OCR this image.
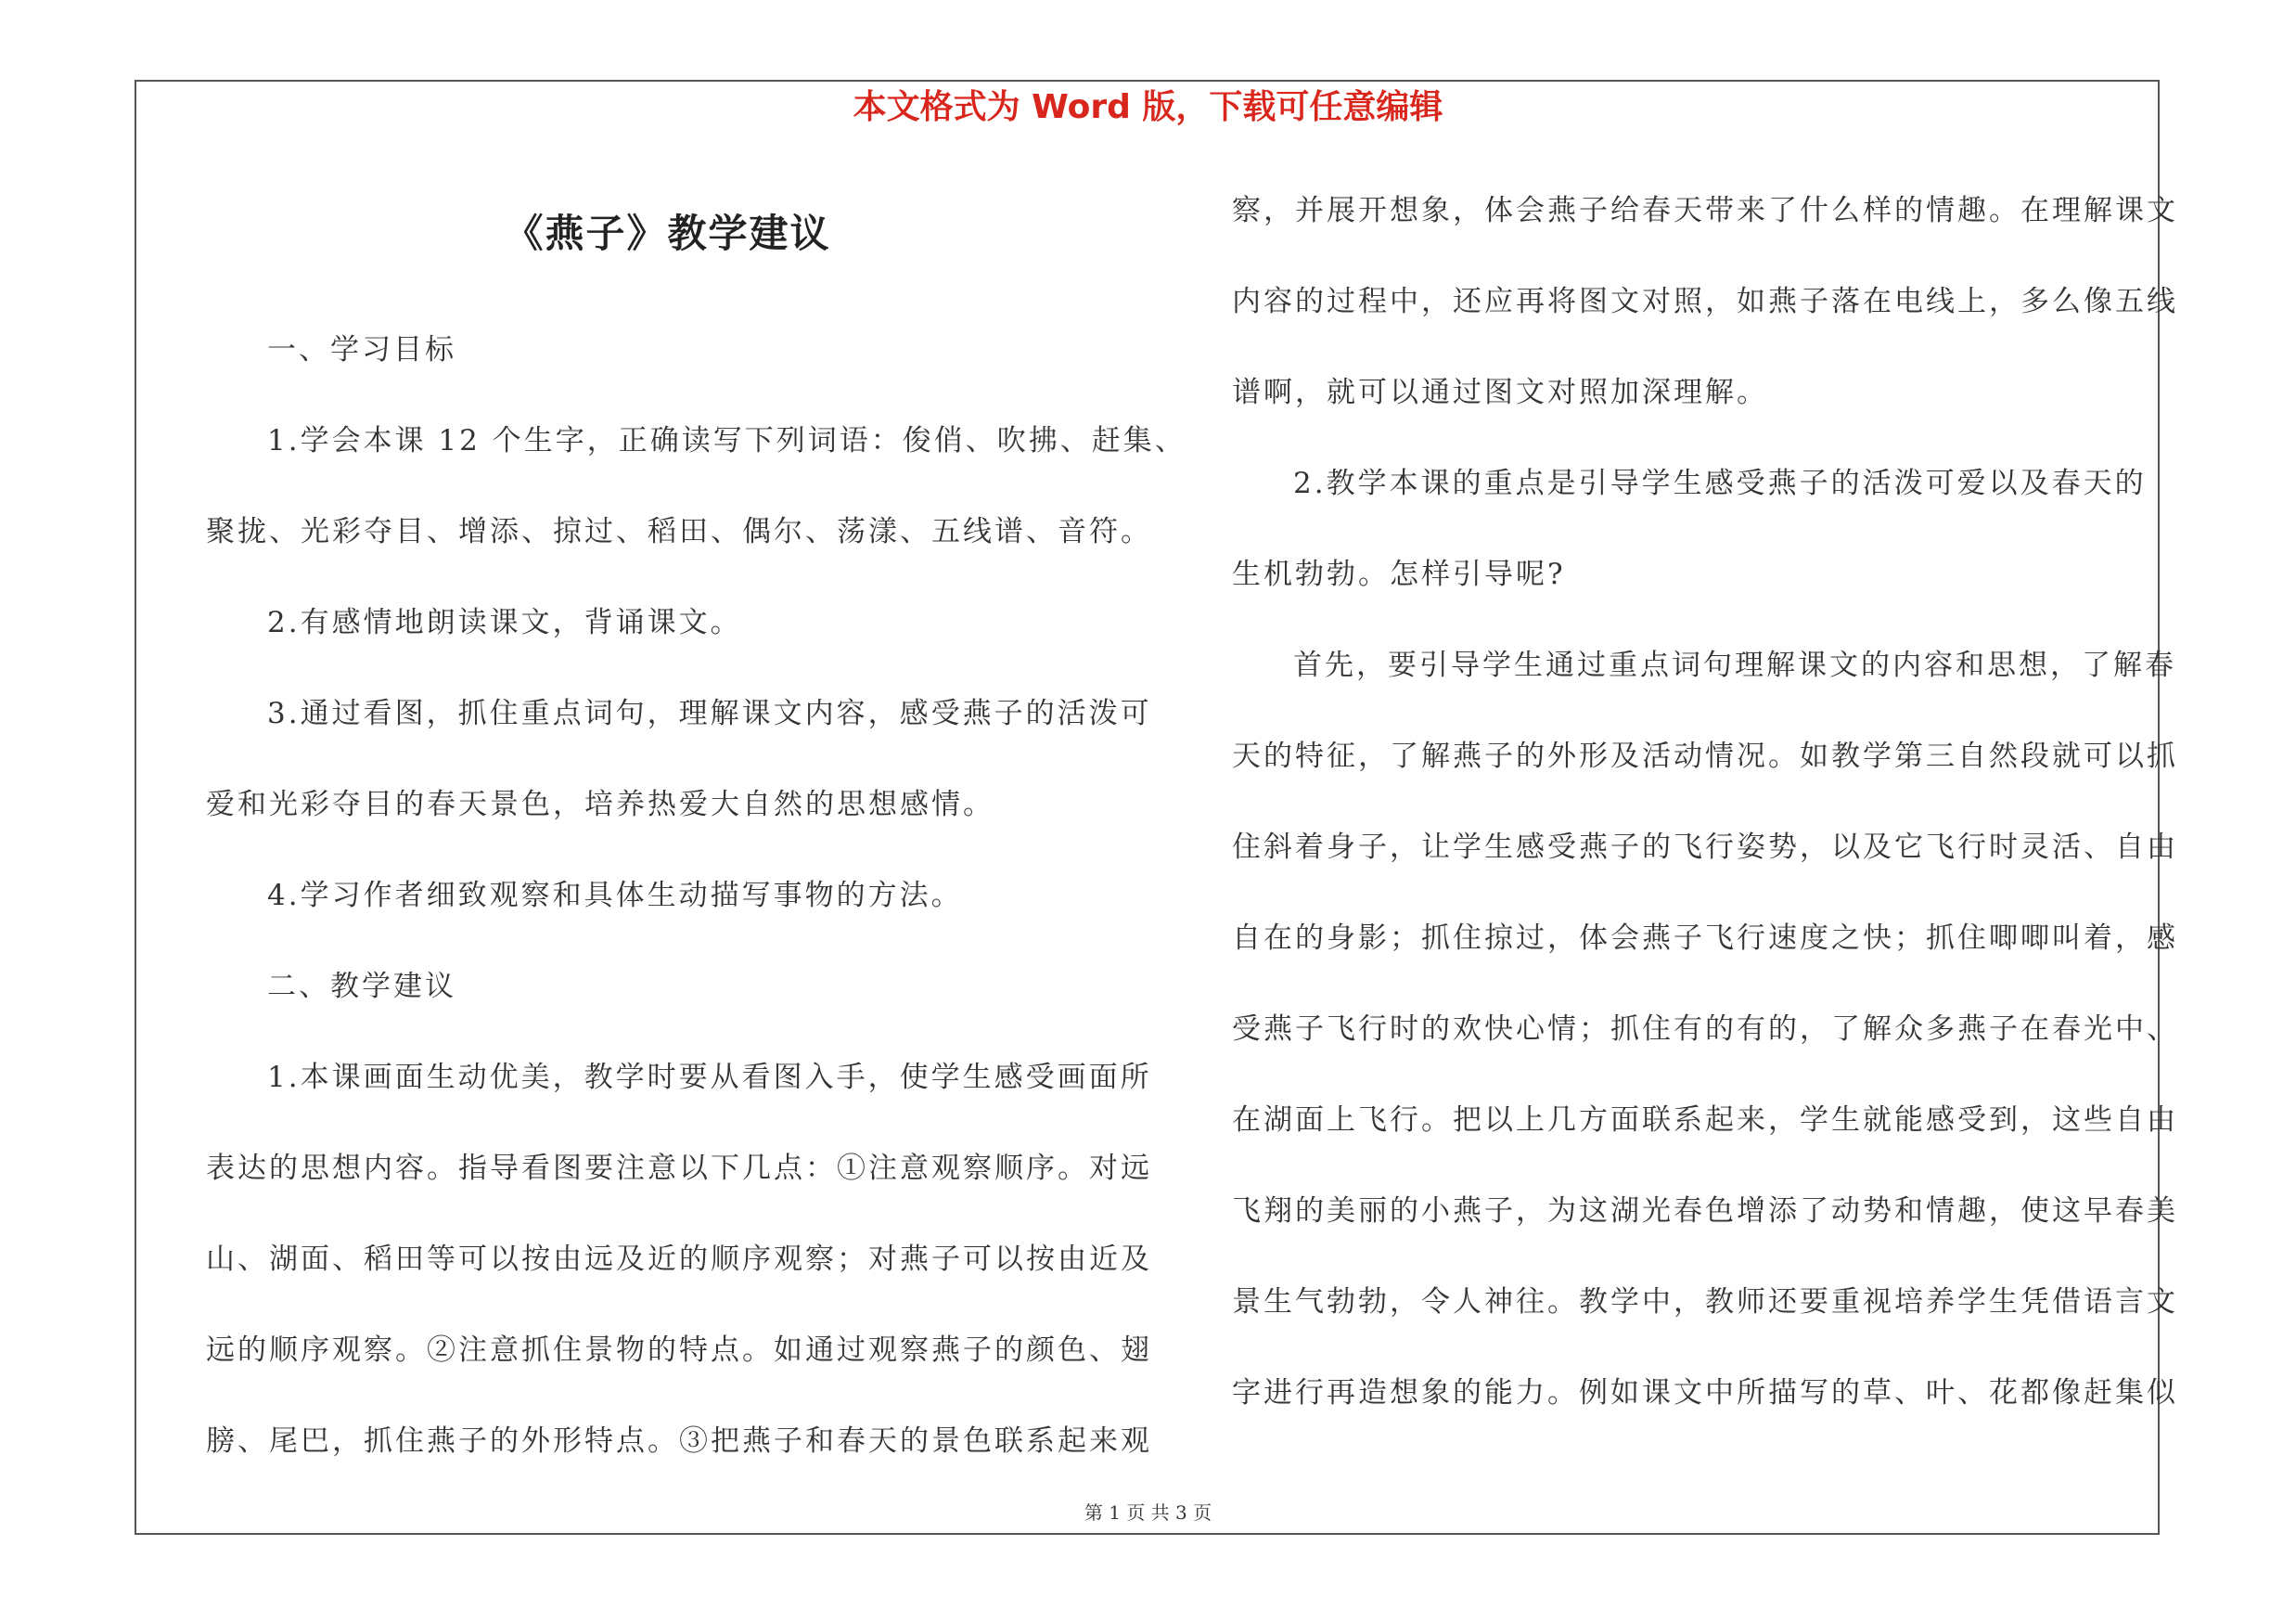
本文格式为 Word 版，下载可任意编辑
《燕子》教学建议
一、学习目标
1.学会本课 12 个生字，正确读写下列词语：俊俏、吹拂、赶集、
聚拢、光彩夺目、增添、掠过、稻田、偶尔、荡漾、五线谱、音符。
2.有感情地朗读课文，背诵课文。
3.通过看图，抓住重点词句，理解课文内容，感受燕子的活泼可
爱和光彩夺目的春天景色，培养热爱大自然的思想感情。
4.学习作者细致观察和具体生动描写事物的方法。
二、教学建议
1.本课画面生动优美，教学时要从看图入手，使学生感受画面所
表达的思想内容。指导看图要注意以下几点：①注意观察顺序。对远
山、湖面、稻田等可以按由远及近的顺序观察；对燕子可以按由近及
远的顺序观察。②注意抓住景物的特点。如通过观察燕子的颜色、翅
膀、尾巴，抓住燕子的外形特点。③把燕子和春天的景色联系起来观
察，并展开想象，体会燕子给春天带来了什么样的情趣。在理解课文
内容的过程中，还应再将图文对照，如燕子落在电线上，多么像五线
谱啊，就可以通过图文对照加深理解。
2.教学本课的重点是引导学生感受燕子的活泼可爱以及春天的
生机勃勃。怎样引导呢?
首先，要引导学生通过重点词句理解课文的内容和思想，了解春
天的特征，了解燕子的外形及活动情况。如教学第三自然段就可以抓
住斜着身子，让学生感受燕子的飞行姿势，以及它飞行时灵活、自由
自在的身影；抓住掠过，体会燕子飞行速度之快；抓住唧唧叫着，感
受燕子飞行时的欢快心情；抓住有的有的，了解众多燕子在春光中、
在湖面上飞行。把以上几方面联系起来，学生就能感受到，这些自由
飞翔的美丽的小燕子，为这湖光春色增添了动势和情趣，使这早春美
景生气勃勃，令人神往。教学中，教师还要重视培养学生凭借语言文
字进行再造想象的能力。例如课文中所描写的草、叶、花都像赶集似
第 1 页 共 3 页
